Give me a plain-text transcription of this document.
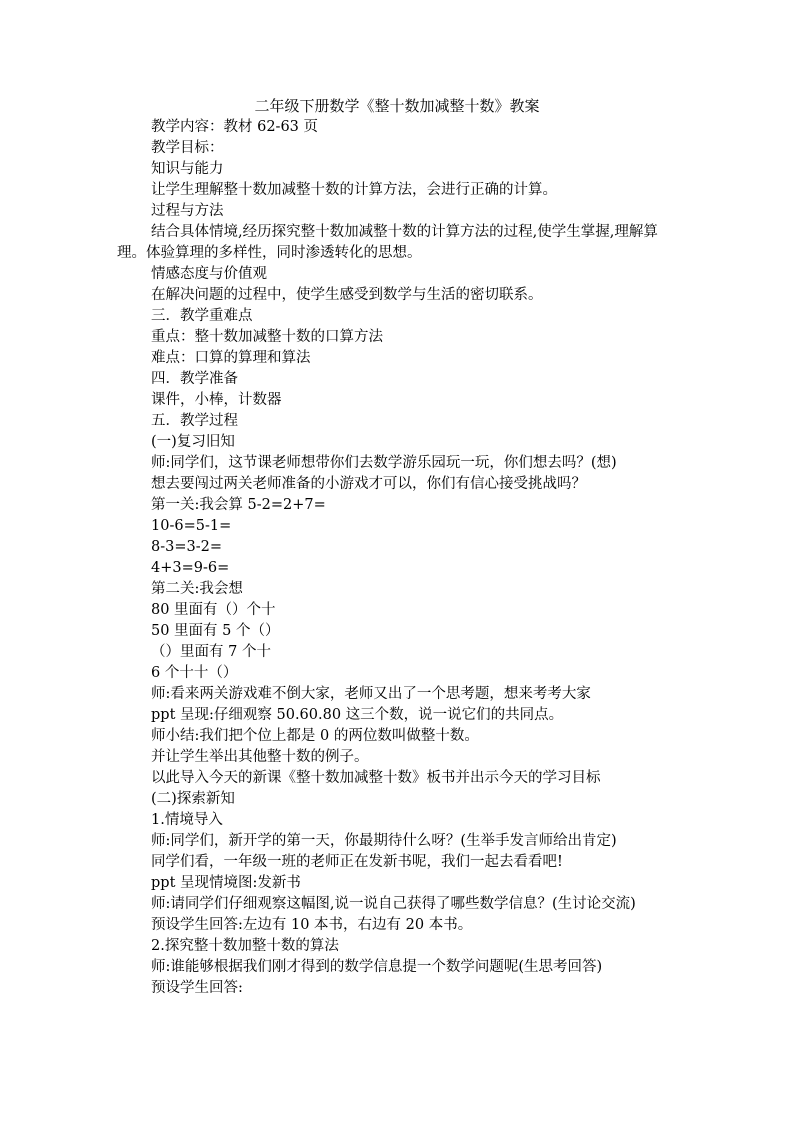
二年级下册数学《整十数加减整十数》教案

教学内容：教材 62-63 页

教学目标：

知识与能力

让学生理解整十数加减整十数的计算方法，会进行正确的计算。

过程与方法

结合具体情境,经历探究整十数加减整十数的计算方法的过程,使学生掌握,理解算理。体验算理的多样性，同时渗透转化的思想。

情感态度与价值观

在解决问题的过程中，使学生感受到数学与生活的密切联系。

三．教学重难点

重点：整十数加减整十数的口算方法

难点：口算的算理和算法

四．教学准备

课件，小棒，计数器

五．教学过程

(一)复习旧知

师:同学们，这节课老师想带你们去数学游乐园玩一玩，你们想去吗？(想)

想去要闯过两关老师准备的小游戏才可以，你们有信心接受挑战吗？

第一关:我会算 5-2=2+7=

10-6=5-1=

8-3=3-2=

4+3=9-6=

第二关:我会想

80 里面有（）个十

50 里面有 5 个（）

（）里面有 7 个十

6 个十十（）

师:看来两关游戏难不倒大家，老师又出了一个思考题，想来考考大家

ppt 呈现:仔细观察 50.60.80 这三个数，说一说它们的共同点。

师小结:我们把个位上都是 0 的两位数叫做整十数。

并让学生举出其他整十数的例子。

以此导入今天的新课《整十数加减整十数》板书并出示今天的学习目标

(二)探索新知

1.情境导入

师:同学们，新开学的第一天，你最期待什么呀？(生举手发言师给出肯定)

同学们看，一年级一班的老师正在发新书呢，我们一起去看看吧!

ppt 呈现情境图:发新书

师:请同学们仔细观察这幅图,说一说自己获得了哪些数学信息？(生讨论交流)

预设学生回答:左边有 10 本书，右边有 20 本书。

2.探究整十数加整十数的算法

师:谁能够根据我们刚才得到的数学信息提一个数学问题呢(生思考回答)

预设学生回答:
